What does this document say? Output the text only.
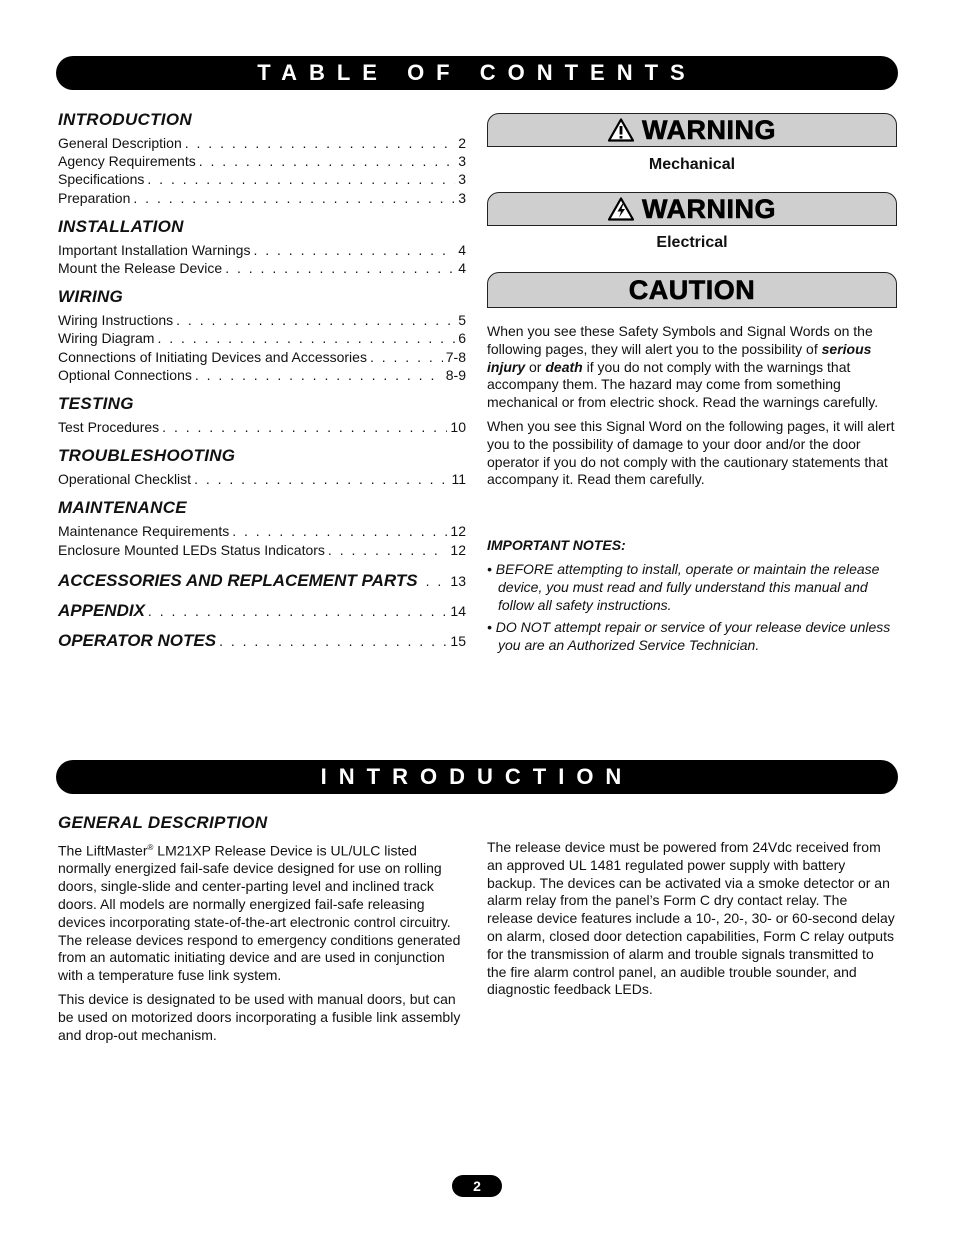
TABLE OF CONTENTS
INTRODUCTION
General Description . . .	2
Agency Requirements . . .	3
Specifications . . .	3
Preparation . . .	3
INSTALLATION
Important Installation Warnings . . .	4
Mount the Release Device . . .	4
WIRING
Wiring Instructions . . .	5
Wiring Diagram . . .	6
Connections of Initiating Devices and Accessories . . .	7-8
Optional Connections . . .	8-9
TESTING
Test Procedures . . .	10
TROUBLESHOOTING
Operational Checklist . . .	11
MAINTENANCE
Maintenance Requirements . . .	12
Enclosure Mounted LEDs Status Indicators . . .	12
ACCESSORIES AND REPLACEMENT PARTS . . . 13
APPENDIX . . .	14
OPERATOR NOTES . . .	15
WARNING
Mechanical
WARNING
Electrical
CAUTION

When you see these Safety Symbols and Signal Words on the following pages, they will alert you to the possibility of serious injury or death if you do not comply with the warnings that accompany them. The hazard may come from something mechanical or from electric shock. Read the warnings carefully.

When you see this Signal Word on the following pages, it will alert you to the possibility of damage to your door and/or the door operator if you do not comply with the cautionary statements that accompany it. Read them carefully.

IMPORTANT NOTES:

• BEFORE attempting to install, operate or maintain the release device, you must read and fully understand this manual and follow all safety instructions.

• DO NOT attempt repair or service of your release device unless you are an Authorized Service Technician.

INTRODUCTION
GENERAL DESCRIPTION

The LiftMaster® LM21XP Release Device is UL/ULC listed normally energized fail-safe device designed for use on rolling doors, single-slide and center-parting level and inclined track doors. All models are normally energized fail-safe releasing devices incorporating state-of-the-art electronic control circuitry. The release devices respond to emergency conditions generated from an automatic initiating device and are used in conjunction with a temperature fuse link system.

This device is designated to be used with manual doors, but can be used on motorized doors incorporating a fusible link assembly and drop-out mechanism.

The release device must be powered from 24Vdc received from an approved UL 1481 regulated power supply with battery backup. The devices can be activated via a smoke detector or an alarm relay from the panel’s Form C dry contact relay. The release device features include a 10-, 20-, 30- or 60-second delay on alarm, closed door detection capabilities, Form C relay outputs for the transmission of alarm and trouble signals transmitted to the fire alarm control panel, an audible trouble sounder, and diagnostic feedback LEDs.

2
